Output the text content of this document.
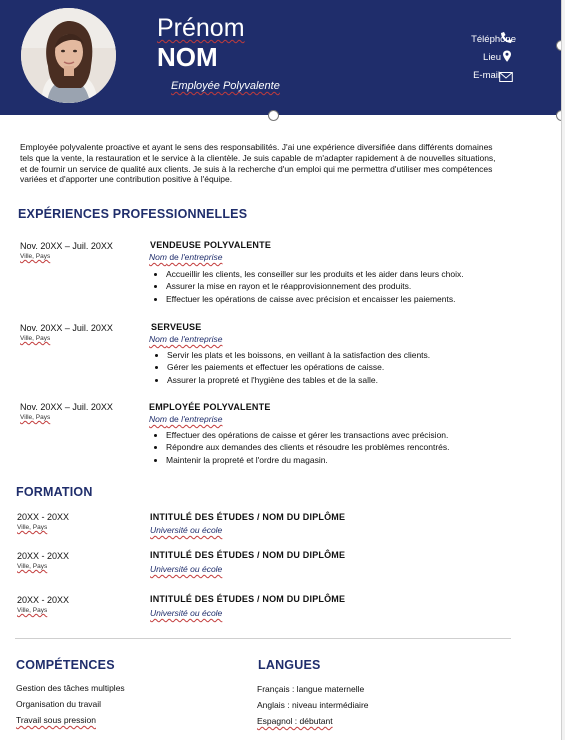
Prénom
NOM
Employée Polyvalente
Téléphone
Lieu
E-mail
Employée polyvalente proactive et ayant le sens des responsabilités. J'ai une expérience diversifiée dans différents domaines tels que la vente, la restauration et le service à la clientèle. Je suis capable de m'adapter rapidement à de nouvelles situations, et de fournir un service de qualité aux clients. Je suis à la recherche d'un emploi qui me permettra d'utiliser mes compétences variées et d'apporter une contribution positive à l'équipe.
EXPÉRIENCES PROFESSIONNELLES
Nov. 20XX – Juil. 20XX
Ville, Pays
VENDEUSE POLYVALENTE
Nom de l'entreprise
• Accueillir les clients, les conseiller sur les produits et les aider dans leurs choix.
• Assurer la mise en rayon et le réapprovisionnement des produits.
• Effectuer les opérations de caisse avec précision et encaisser les paiements.
Nov. 20XX – Juil. 20XX
Ville, Pays
SERVEUSE
Nom de l'entreprise
• Servir les plats et les boissons, en veillant à la satisfaction des clients.
• Gérer les paiements et effectuer les opérations de caisse.
• Assurer la propreté et l'hygiène des tables et de la salle.
Nov. 20XX – Juil. 20XX
Ville, Pays
EMPLOYÉE POLYVALENTE
Nom de l'entreprise
• Effectuer des opérations de caisse et gérer les transactions avec précision.
• Répondre aux demandes des clients et résoudre les problèmes rencontrés.
• Maintenir la propreté et l'ordre du magasin.
FORMATION
20XX - 20XX
Ville, Pays
INTITULÉ DES ÉTUDES / NOM DU DIPLÔME
Université ou école
20XX - 20XX
Ville, Pays
INTITULÉ DES ÉTUDES / NOM DU DIPLÔME
Université ou école
20XX - 20XX
Ville, Pays
INTITULÉ DES ÉTUDES / NOM DU DIPLÔME
Université ou école
COMPÉTENCES
Gestion des tâches multiples
Organisation du travail
Travail sous pression
LANGUES
Français : langue maternelle
Anglais : niveau intermédiaire
Espagnol : débutant
